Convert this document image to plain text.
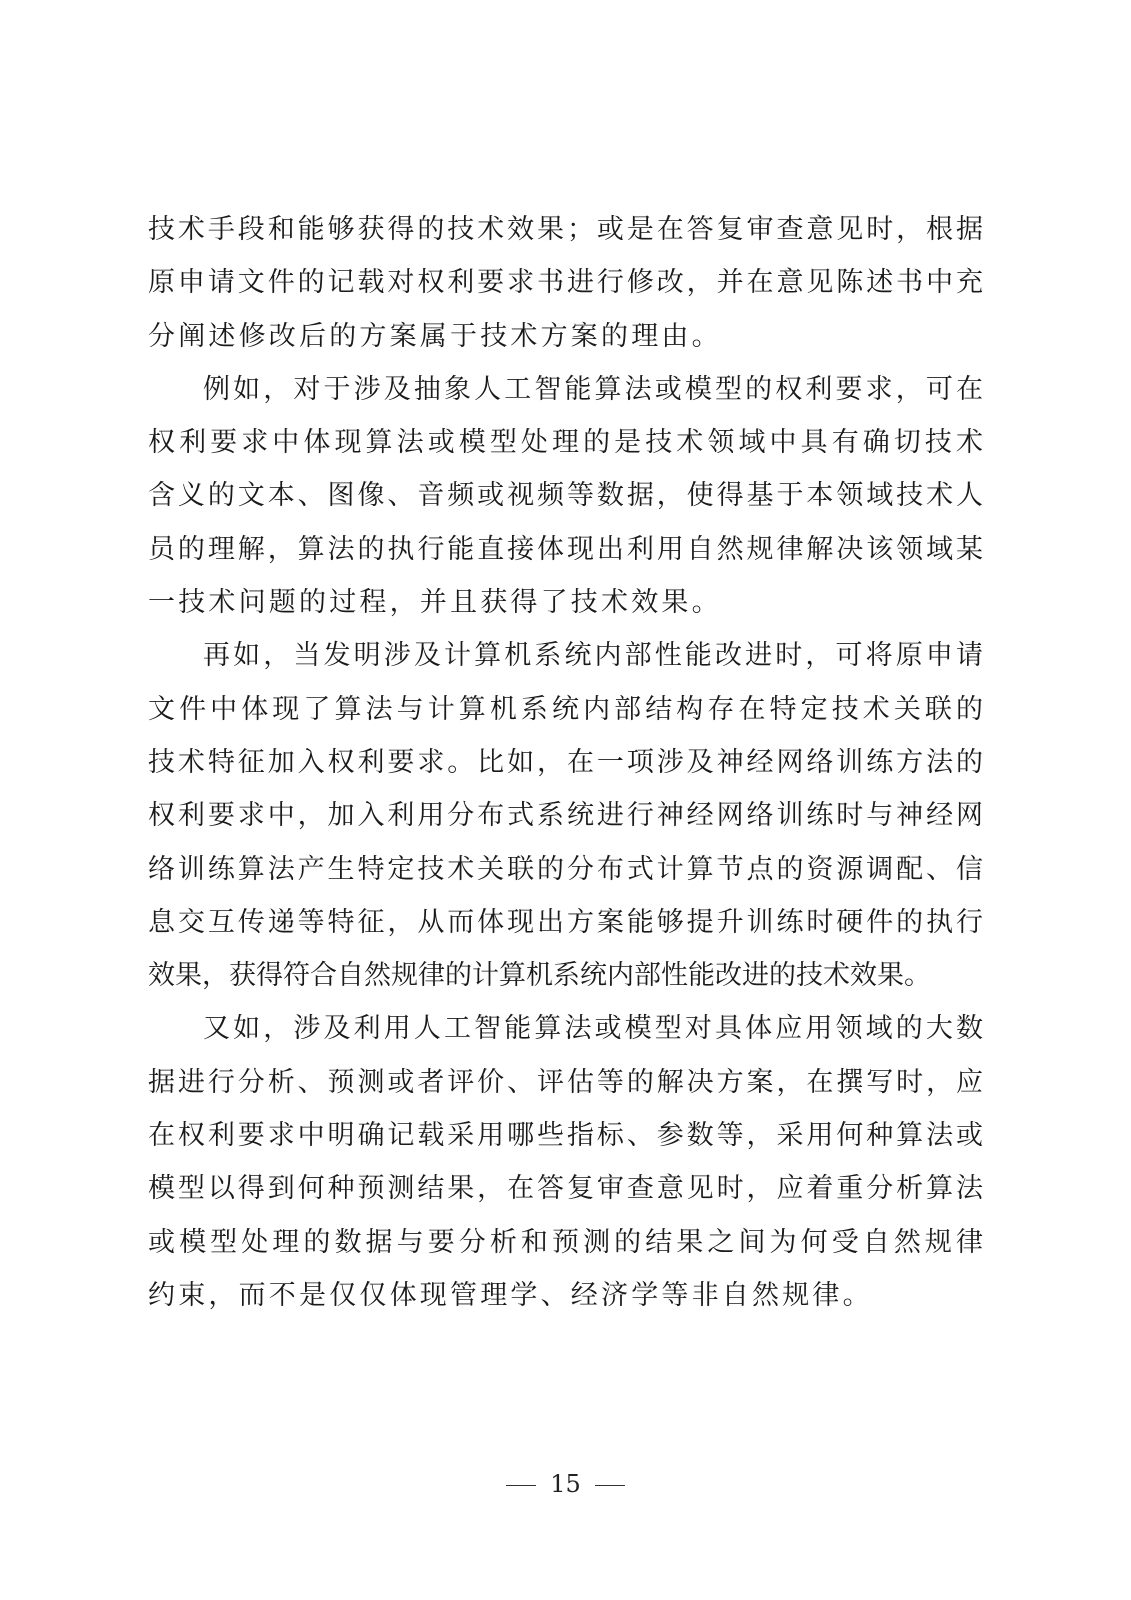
技术手段和能够获得的技术效果；或是在答复审查意见时，根据
原申请文件的记载对权利要求书进行修改，并在意见陈述书中充
分阐述修改后的方案属于技术方案的理由。
例如，对于涉及抽象人工智能算法或模型的权利要求，可在
权利要求中体现算法或模型处理的是技术领域中具有确切技术
含义的文本、图像、音频或视频等数据，使得基于本领域技术人
员的理解，算法的执行能直接体现出利用自然规律解决该领域某
一技术问题的过程，并且获得了技术效果。
再如，当发明涉及计算机系统内部性能改进时，可将原申请
文件中体现了算法与计算机系统内部结构存在特定技术关联的
技术特征加入权利要求。比如，在一项涉及神经网络训练方法的
权利要求中，加入利用分布式系统进行神经网络训练时与神经网
络训练算法产生特定技术关联的分布式计算节点的资源调配、信
息交互传递等特征，从而体现出方案能够提升训练时硬件的执行
效果，获得符合自然规律的计算机系统内部性能改进的技术效果。
又如，涉及利用人工智能算法或模型对具体应用领域的大数
据进行分析、预测或者评价、评估等的解决方案，在撰写时，应
在权利要求中明确记载采用哪些指标、参数等，采用何种算法或
模型以得到何种预测结果，在答复审查意见时，应着重分析算法
或模型处理的数据与要分析和预测的结果之间为何受自然规律
约束，而不是仅仅体现管理学、经济学等非自然规律。
15
